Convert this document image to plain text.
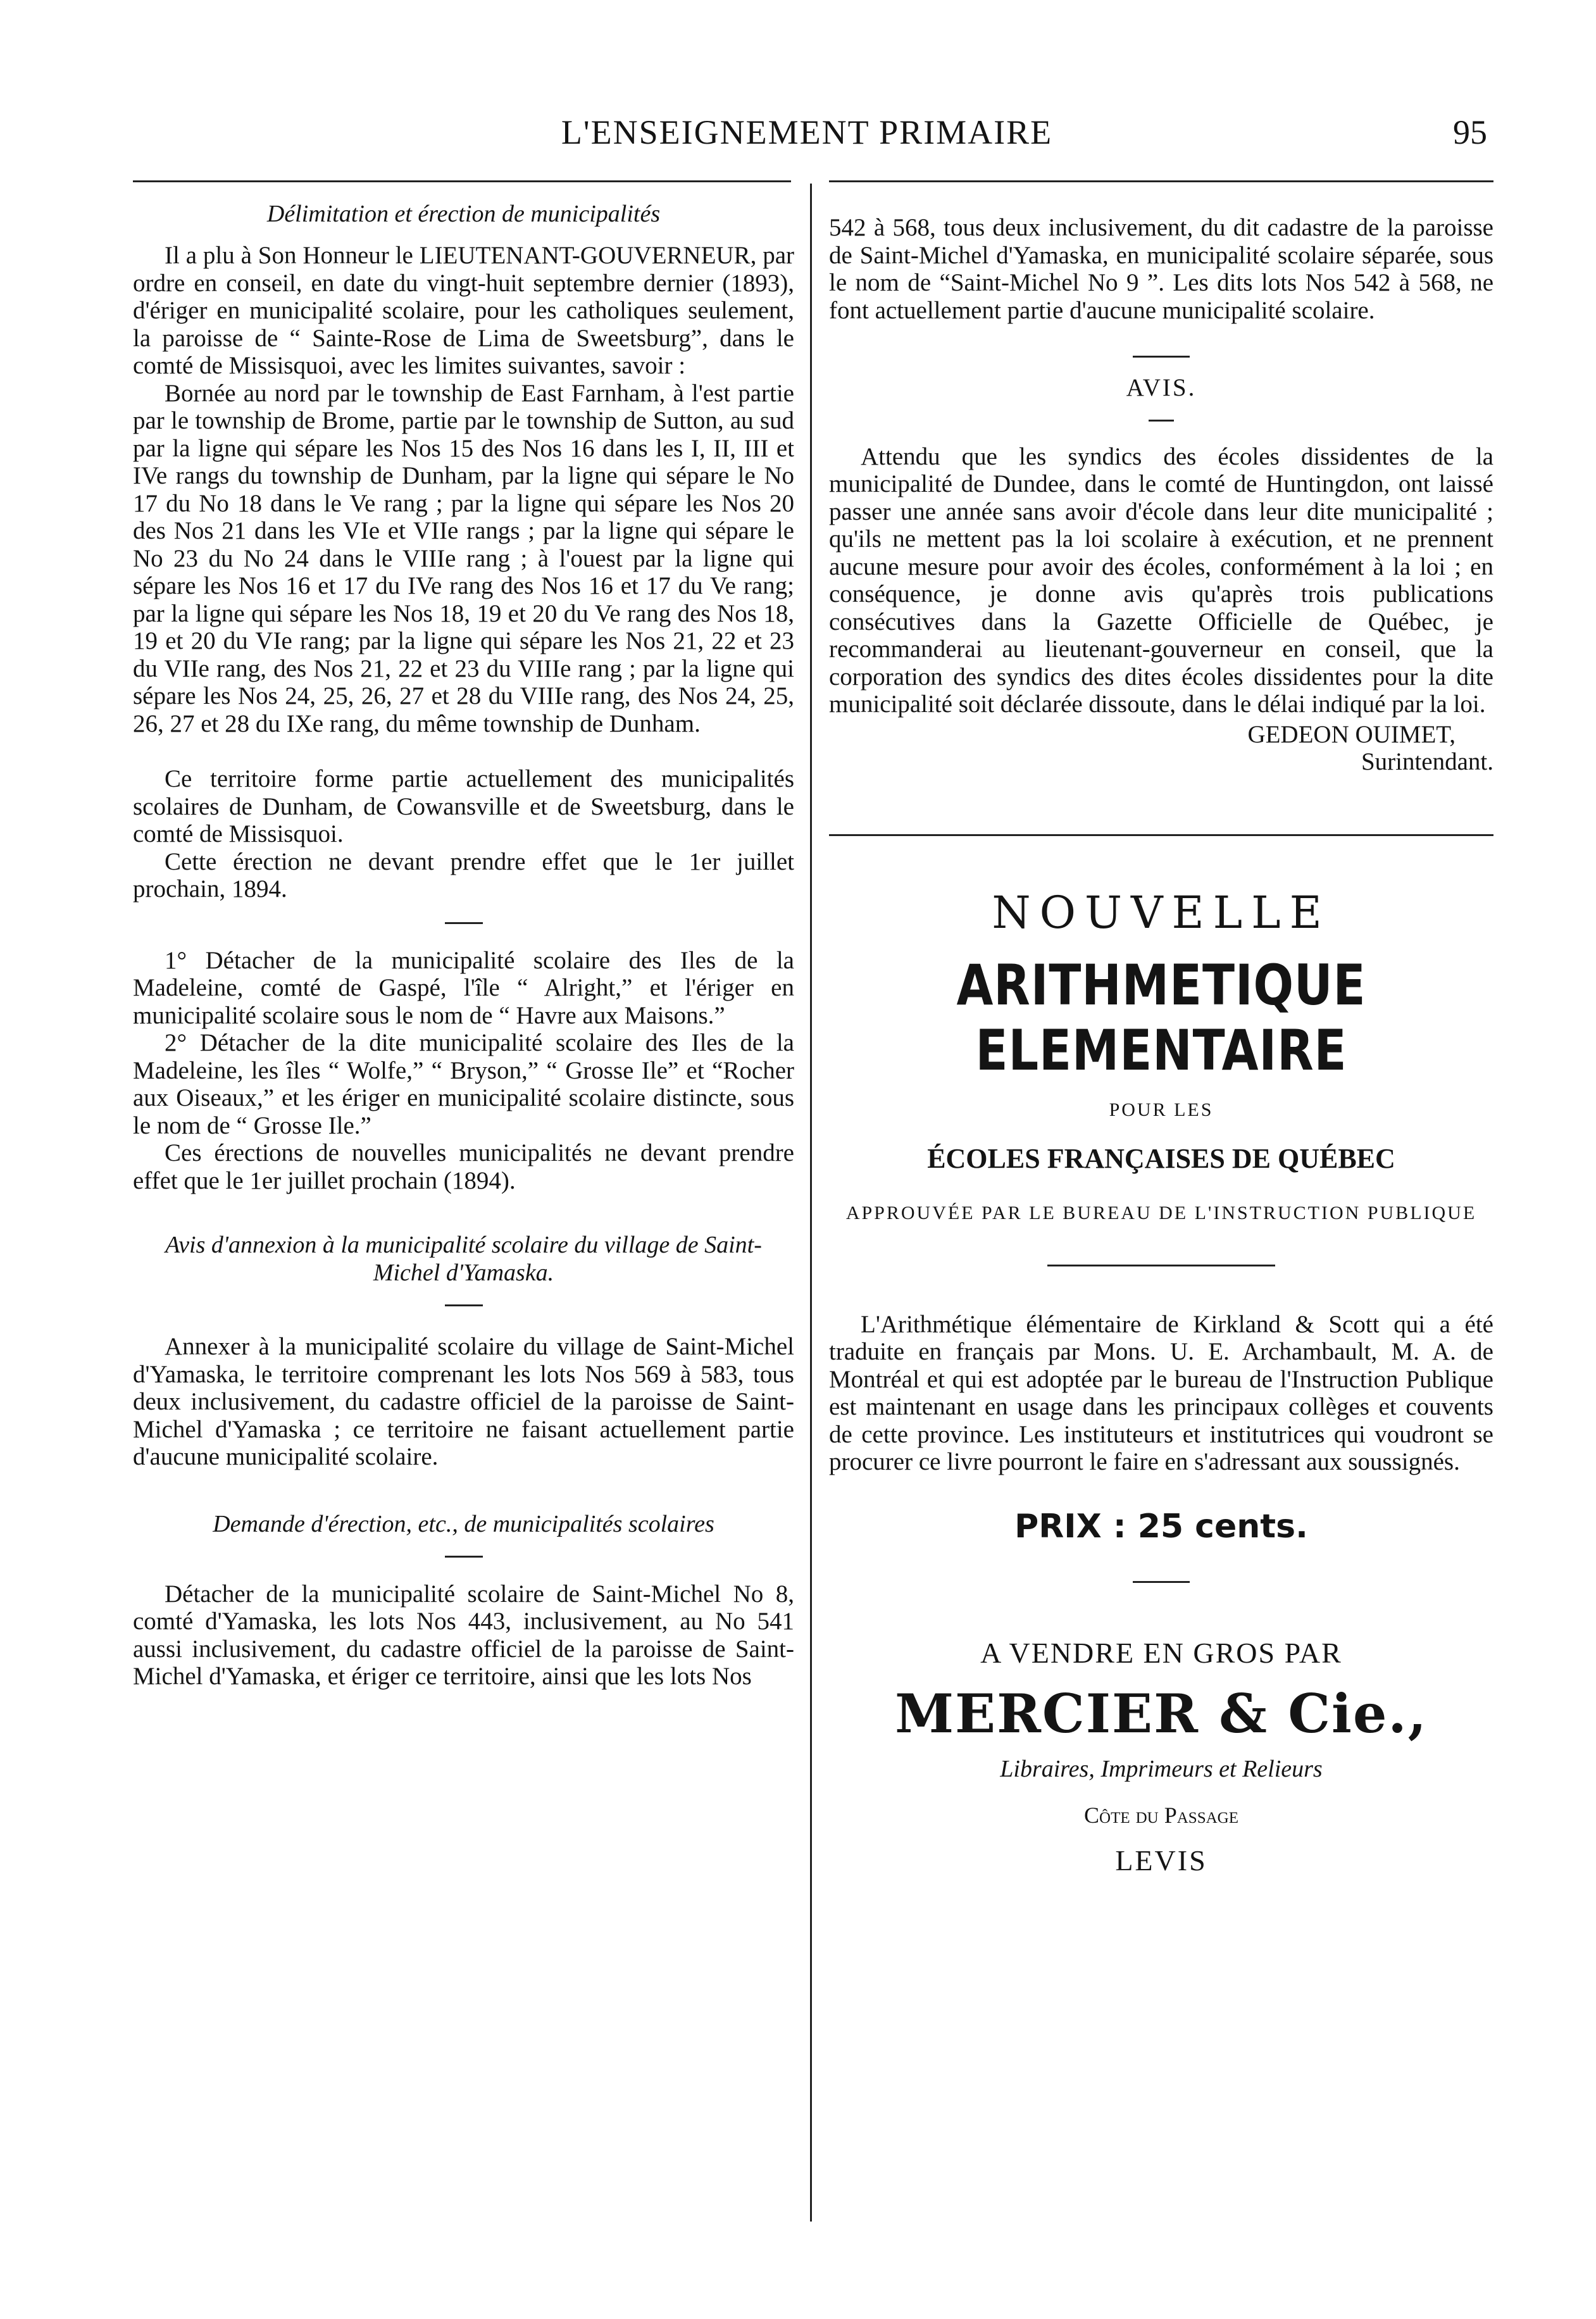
L'ENSEIGNEMENT PRIMAIRE	95

Délimitation et érection de municipalités

Il a plu à Son Honneur le LIEUTENANT-GOUVERNEUR, par ordre en conseil, en date du vingt-huit septembre dernier (1893), d'ériger en municipalité scolaire, pour les catholiques seulement, la paroisse de “ Sainte-Rose de Lima de Sweetsburg”, dans le comté de Missisquoi, avec les limites suivantes, savoir :

Bornée au nord par le township de East Farnham, à l'est partie par le township de Brome, partie par le township de Sutton, au sud par la ligne qui sépare les Nos 15 des Nos 16 dans les I, II, III et IVe rangs du township de Dunham, par la ligne qui sépare le No 17 du No 18 dans le Ve rang ; par la ligne qui sépare les Nos 20 des Nos 21 dans les VIe et VIIe rangs ; par la ligne qui sépare le No 23 du No 24 dans le VIIIe rang ; à l'ouest par la ligne qui sépare les Nos 16 et 17 du IVe rang des Nos 16 et 17 du Ve rang; par la ligne qui sépare les Nos 18, 19 et 20 du Ve rang des Nos 18, 19 et 20 du VIe rang; par la ligne qui sépare les Nos 21, 22 et 23 du VIIe rang, des Nos 21, 22 et 23 du VIIIe rang ; par la ligne qui sépare les Nos 24, 25, 26, 27 et 28 du VIIIe rang, des Nos 24, 25, 26, 27 et 28 du IXe rang, du même township de Dunham.

Ce territoire forme partie actuellement des municipalités scolaires de Dunham, de Cowansville et de Sweetsburg, dans le comté de Missisquoi.

Cette érection ne devant prendre effet que le 1er juillet prochain, 1894.

1° Détacher de la municipalité scolaire des Iles de la Madeleine, comté de Gaspé, l'île “ Alright,” et l'ériger en municipalité scolaire sous le nom de “ Havre aux Maisons.”

2° Détacher de la dite municipalité scolaire des Iles de la Madeleine, les îles “ Wolfe,” “ Bryson,” “ Grosse Ile” et “Rocher aux Oiseaux,” et les ériger en municipalité scolaire distincte, sous le nom de “ Grosse Ile.”

Ces érections de nouvelles municipalités ne devant prendre effet que le 1er juillet prochain (1894).

Avis d'annexion à la municipalité scolaire du village de Saint-Michel d'Yamaska.

Annexer à la municipalité scolaire du village de Saint-Michel d'Yamaska, le territoire comprenant les lots Nos 569 à 583, tous deux inclusivement, du cadastre officiel de la paroisse de Saint-Michel d'Yamaska ; ce territoire ne faisant actuellement partie d'aucune municipalité scolaire.

Demande d'érection, etc., de municipalités scolaires

Détacher de la municipalité scolaire de Saint-Michel No 8, comté d'Yamaska, les lots Nos 443, inclusivement, au No 541 aussi inclusivement, du cadastre officiel de la paroisse de Saint-Michel d'Yamaska, et ériger ce territoire, ainsi que les lots Nos

542 à 568, tous deux inclusivement, du dit cadastre de la paroisse de Saint-Michel d'Yamaska, en municipalité scolaire séparée, sous le nom de “Saint-Michel No 9 ”. Les dits lots Nos 542 à 568, ne font actuellement partie d'aucune municipalité scolaire.

AVIS.

Attendu que les syndics des écoles dissidentes de la municipalité de Dundee, dans le comté de Huntingdon, ont laissé passer une année sans avoir d'école dans leur dite municipalité ; qu'ils ne mettent pas la loi scolaire à exécution, et ne prennent aucune mesure pour avoir des écoles, conformément à la loi ; en conséquence, je donne avis qu'après trois publications consécutives dans la Gazette Officielle de Québec, je recommanderai au lieutenant-gouverneur en conseil, que la corporation des syndics des dites écoles dissidentes pour la dite municipalité soit déclarée dissoute, dans le délai indiqué par la loi.

GEDEON OUIMET,

Surintendant.

NOUVELLE

ARITHMETIQUE ELEMENTAIRE

POUR LES

ÉCOLES FRANÇAISES DE QUÉBEC

APPROUVÉE PAR LE BUREAU DE L'INSTRUCTION PUBLIQUE

L'Arithmétique élémentaire de Kirkland & Scott qui a été traduite en français par Mons. U. E. Archambault, M. A. de Montréal et qui est adoptée par le bureau de l'Instruction Publique est maintenant en usage dans les principaux collèges et couvents de cette province. Les instituteurs et institutrices qui voudront se procurer ce livre pourront le faire en s'adressant aux soussignés.

PRIX : 25 cents.

A VENDRE EN GROS PAR

MERCIER & Cie.,

Libraires, Imprimeurs et Relieurs

Côte du Passage

LEVIS
